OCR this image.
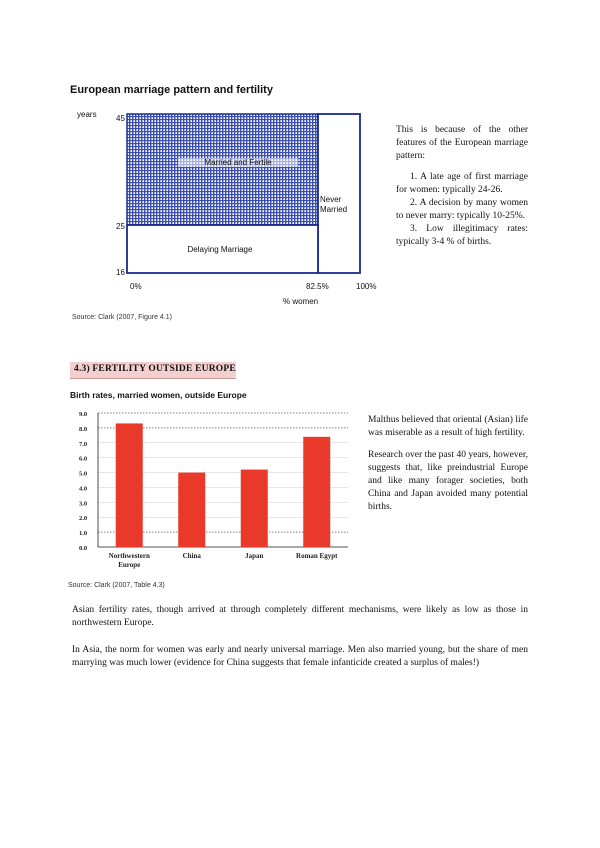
European marriage pattern and fertility
years 45
25
16
Married and Fertile
Never Married
Delaying Marriage
0%	82.5%	100%
% women
Source: Clark (2007, Figure 4.1)

This is because of the other features of the European marriage pattern:

1. A late age of first marriage for women: typically 24-26.

2. A decision by many women to never marry: typically 10-25%.

3. Low illegitimacy rates: typically 3-4 % of births.

4.3) FERTILITY OUTSIDE EUROPE
Birth rates, married women, outside Europe
0.0
1.0
2.0
3.0
4.0
5.0
6.0
7.0
8.0
9.0
Northwestern
Europe
China	Japan	Roman Egypt
Source: Clark (2007, Table 4.3)

Malthus believed that oriental (Asian) life was miserable as a result of high fertility.

Research over the past 40 years, however, suggests that, like preindustrial Europe and like many forager societies, both China and Japan avoided many potential births.

Asian fertility rates, though arrived at through completely different mechanisms, were likely as low as those in northwestern Europe.
In Asia, the norm for women was early and nearly universal marriage. Men also married young, but the share of men marrying was much lower (evidence for China suggests that female infanticide created a surplus of males!)
